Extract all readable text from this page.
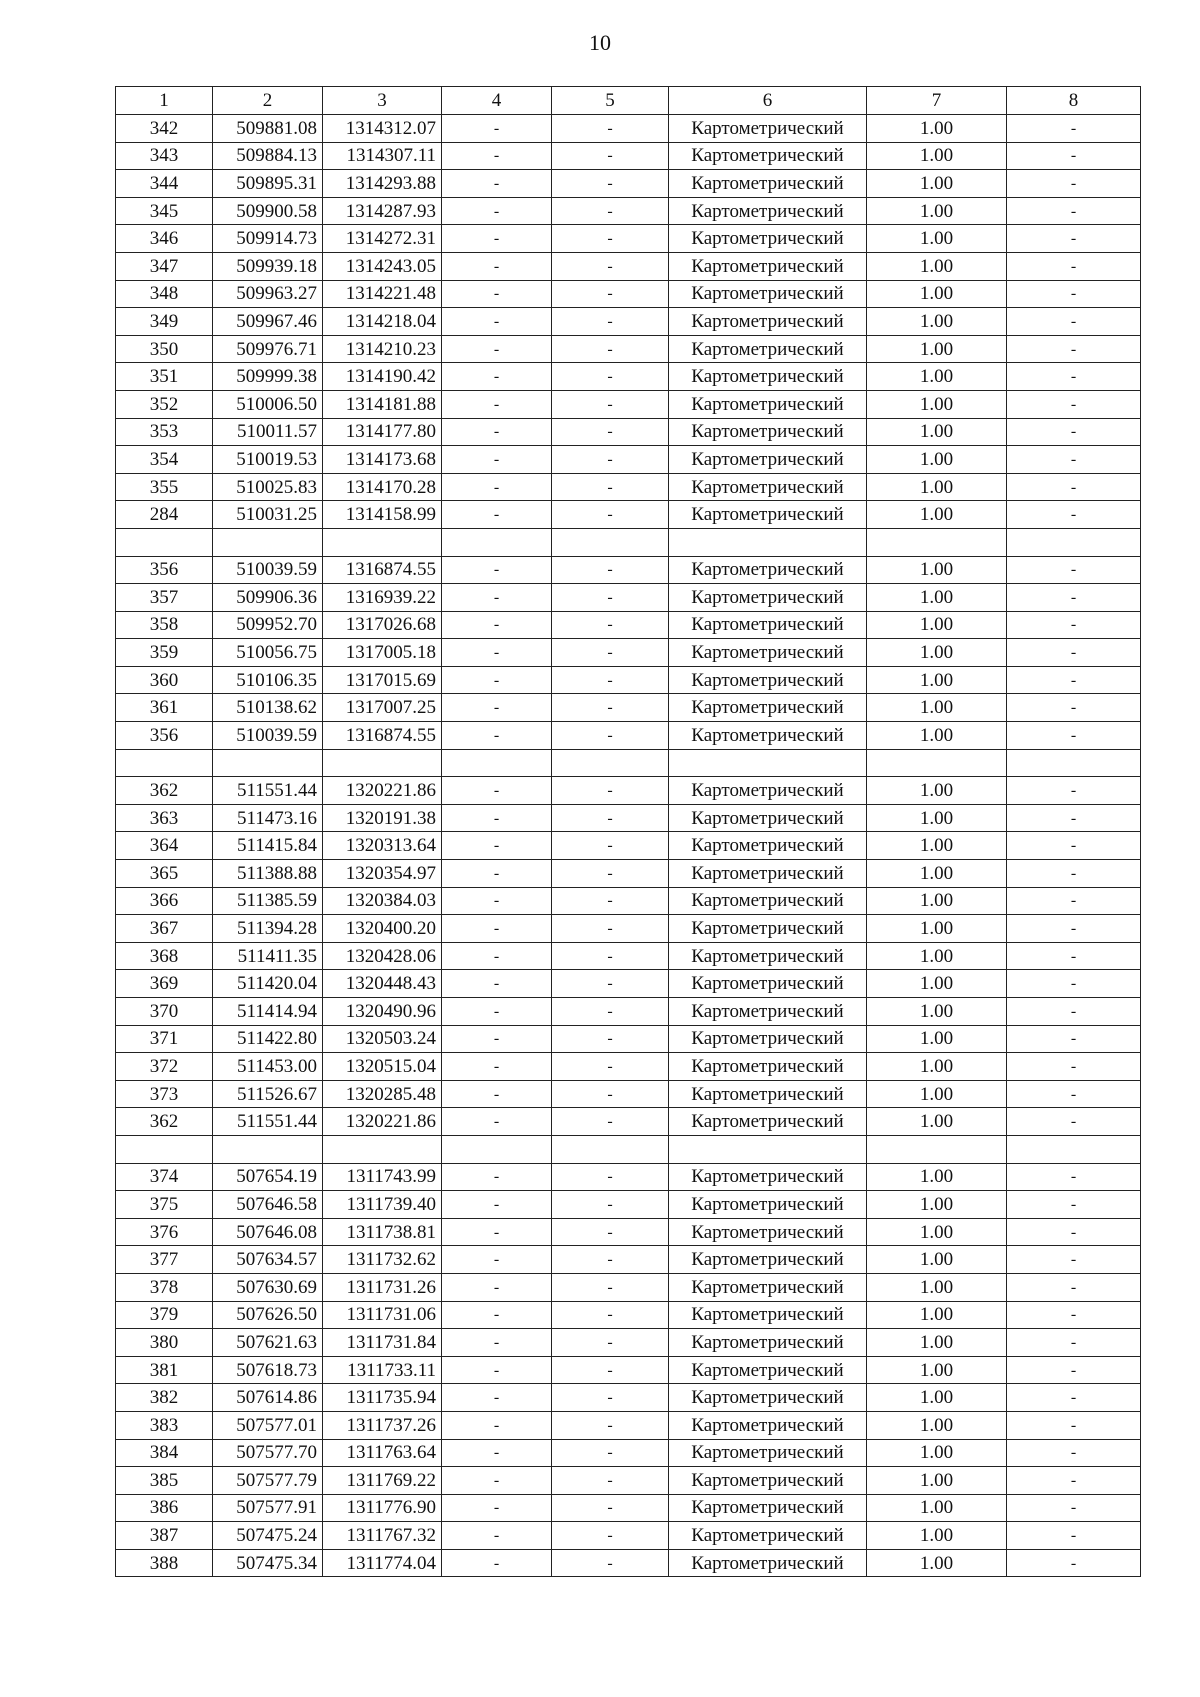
10
1	2	3	4	5	6	7	8
342	509881.08	1314312.07	-	-	Картометрический	1.00	-
343	509884.13	1314307.11	-	-	Картометрический	1.00	-
344	509895.31	1314293.88	-	-	Картометрический	1.00	-
345	509900.58	1314287.93	-	-	Картометрический	1.00	-
346	509914.73	1314272.31	-	-	Картометрический	1.00	-
347	509939.18	1314243.05	-	-	Картометрический	1.00	-
348	509963.27	1314221.48	-	-	Картометрический	1.00	-
349	509967.46	1314218.04	-	-	Картометрический	1.00	-
350	509976.71	1314210.23	-	-	Картометрический	1.00	-
351	509999.38	1314190.42	-	-	Картометрический	1.00	-
352	510006.50	1314181.88	-	-	Картометрический	1.00	-
353	510011.57	1314177.80	-	-	Картометрический	1.00	-
354	510019.53	1314173.68	-	-	Картометрический	1.00	-
355	510025.83	1314170.28	-	-	Картометрический	1.00	-
284	510031.25	1314158.99	-	-	Картометрический	1.00	-

356	510039.59	1316874.55	-	-	Картометрический	1.00	-
357	509906.36	1316939.22	-	-	Картометрический	1.00	-
358	509952.70	1317026.68	-	-	Картометрический	1.00	-
359	510056.75	1317005.18	-	-	Картометрический	1.00	-
360	510106.35	1317015.69	-	-	Картометрический	1.00	-
361	510138.62	1317007.25	-	-	Картометрический	1.00	-
356	510039.59	1316874.55	-	-	Картометрический	1.00	-

362	511551.44	1320221.86	-	-	Картометрический	1.00	-
363	511473.16	1320191.38	-	-	Картометрический	1.00	-
364	511415.84	1320313.64	-	-	Картометрический	1.00	-
365	511388.88	1320354.97	-	-	Картометрический	1.00	-
366	511385.59	1320384.03	-	-	Картометрический	1.00	-
367	511394.28	1320400.20	-	-	Картометрический	1.00	-
368	511411.35	1320428.06	-	-	Картометрический	1.00	-
369	511420.04	1320448.43	-	-	Картометрический	1.00	-
370	511414.94	1320490.96	-	-	Картометрический	1.00	-
371	511422.80	1320503.24	-	-	Картометрический	1.00	-
372	511453.00	1320515.04	-	-	Картометрический	1.00	-
373	511526.67	1320285.48	-	-	Картометрический	1.00	-
362	511551.44	1320221.86	-	-	Картометрический	1.00	-

374	507654.19	1311743.99	-	-	Картометрический	1.00	-
375	507646.58	1311739.40	-	-	Картометрический	1.00	-
376	507646.08	1311738.81	-	-	Картометрический	1.00	-
377	507634.57	1311732.62	-	-	Картометрический	1.00	-
378	507630.69	1311731.26	-	-	Картометрический	1.00	-
379	507626.50	1311731.06	-	-	Картометрический	1.00	-
380	507621.63	1311731.84	-	-	Картометрический	1.00	-
381	507618.73	1311733.11	-	-	Картометрический	1.00	-
382	507614.86	1311735.94	-	-	Картометрический	1.00	-
383	507577.01	1311737.26	-	-	Картометрический	1.00	-
384	507577.70	1311763.64	-	-	Картометрический	1.00	-
385	507577.79	1311769.22	-	-	Картометрический	1.00	-
386	507577.91	1311776.90	-	-	Картометрический	1.00	-
387	507475.24	1311767.32	-	-	Картометрический	1.00	-
388	507475.34	1311774.04	-	-	Картометрический	1.00	-
